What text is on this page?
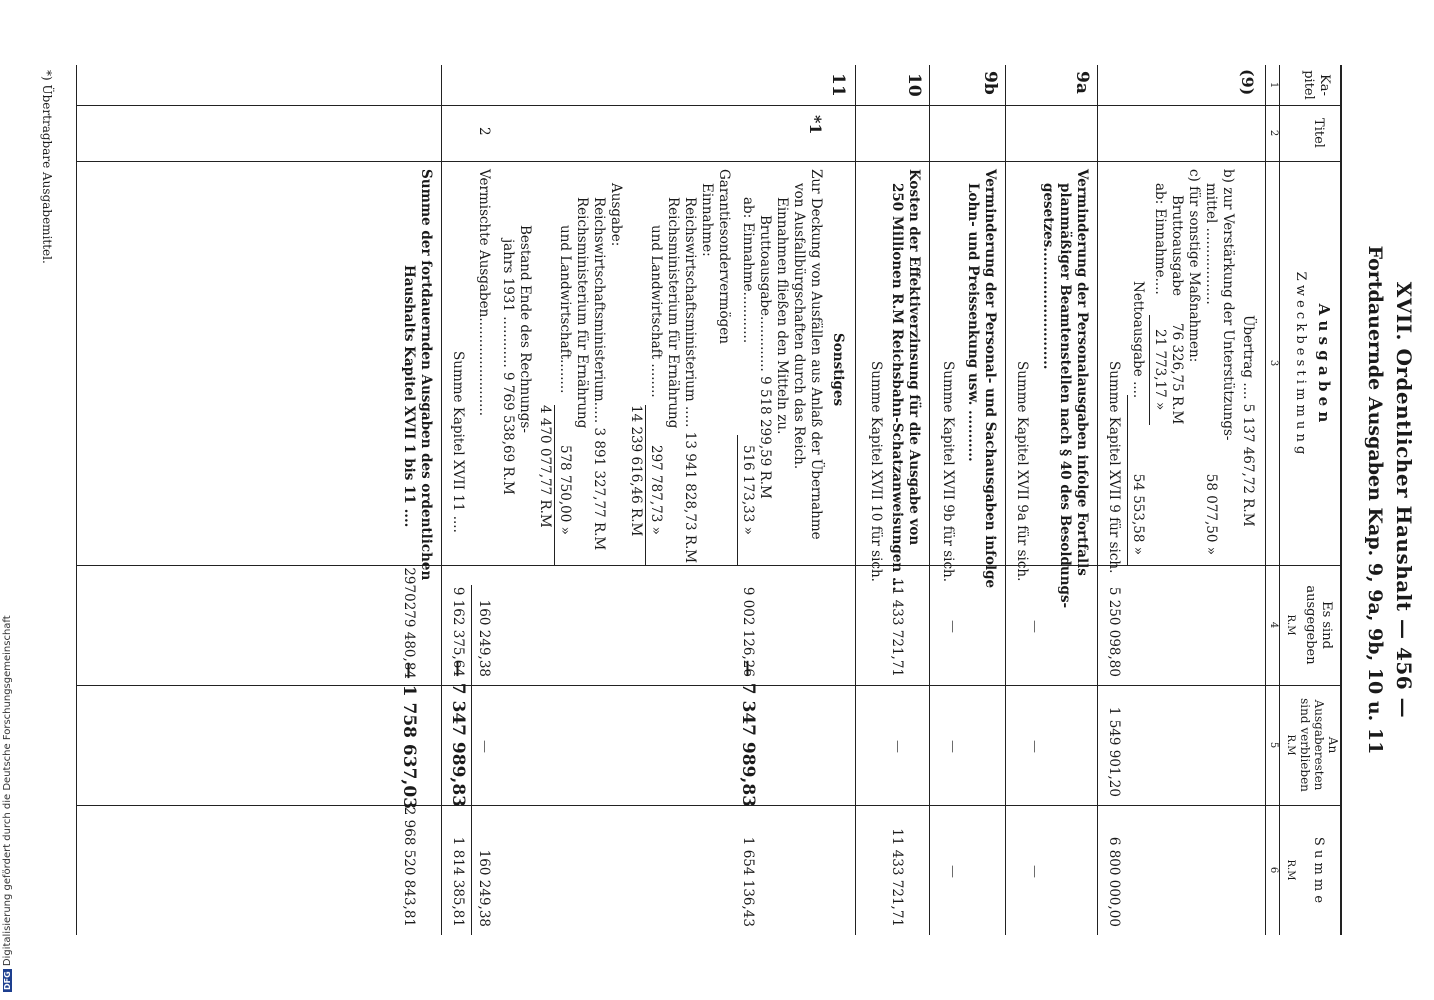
XVII. Ordentlicher Haushalt — 456 —
Fortdauernde Ausgaben Kap. 9, 9a, 9b, 10 u. 11
Ka-
pitel
Titel
A u s g a b e n
Z w e c k b e s t i m m u n g
Es sind
ausgegeben
An
Ausgaberesten
sind verblieben
S u m m e
R.M
R.M
R.M
1
2
3
4
5
6
(9)
Übertrag .... 5 137 467,72 R.M
b) zur Verstärkung der Unterstützungs-
mittel ..................
58 077,50 »
c) für sonstige Maßnahmen:
Bruttoausgabe
76 326,75 R.M
ab: Einnahme....
21 773,17 »
Nettoausgabe ....
54 553,58 »
Summe Kapitel XVII 9 für sich.
5 250 098,80
1 549 901,20
6 800 000,00
9a
Verminderung der Personalausgaben infolge Fortfalls
planmäßiger Beamtenstellen nach § 40 des Besoldungs-
gesetzes..........................
Summe Kapitel XVII 9a für sich.
—
—
—
9b
Verminderung der Personal- und Sachausgaben infolge
Lohn- und Preissenkung usw. ...........
Summe Kapitel XVII 9b für sich.
—
—
—
10
Kosten der Effektiverzinsung für die Ausgabe von
250 Millionen R.M Reichsbahn-Schatzanweisungen ...
Summe Kapitel XVII 10 für sich.
11 433 721,71
—
11 433 721,71
11
Sonstiges
*1
Zur Deckung von Ausfällen aus Anlaß der Übernahme
von Ausfallbürgschaften durch das Reich.
Einnahmen fließen den Mitteln zu.
Bruttoausgabe............. 9 518 299,59 R.M
ab: Einnahme............
516 173,33 »
9 002 126,26
— 7 347 989,83
1 654 136,43
Garantiesondervermögen
Einnahme:
Reichswirtschaftsministerium ..... 13 941 828,73 R.M
Reichsministerium für Ernährung
und Landwirtschaft ........
297 787,73 »
14 239 616,46 R.M
Ausgabe:
Reichswirtschaftsministerium..... 3 891 327,77 R.M
Reichsministerium für Ernährung
und Landwirtschaft........
578 750,00 »
4 470 077,77 R.M
Bestand Ende des Rechnungs-
jahrs 1931 ............ 9 769 538,69 R.M
2
Vermischte Ausgaben.......................
160 249,38
—
160 249,38
Summe Kapitel XVII 11 ....
9 162 375,64
— 7 347 989,83
1 814 385,81
Summe der fortdauernden Ausgaben des ordentlichen
Haushalts Kapitel XVII 1 bis 11 ....
2970279 480,84
— 1 758 637,03
2 968 520 843,81
*) Übertragbare Ausgabemittel.
DFG Digitalisierung gefördert durch die Deutsche Forschungsgemeinschaft
